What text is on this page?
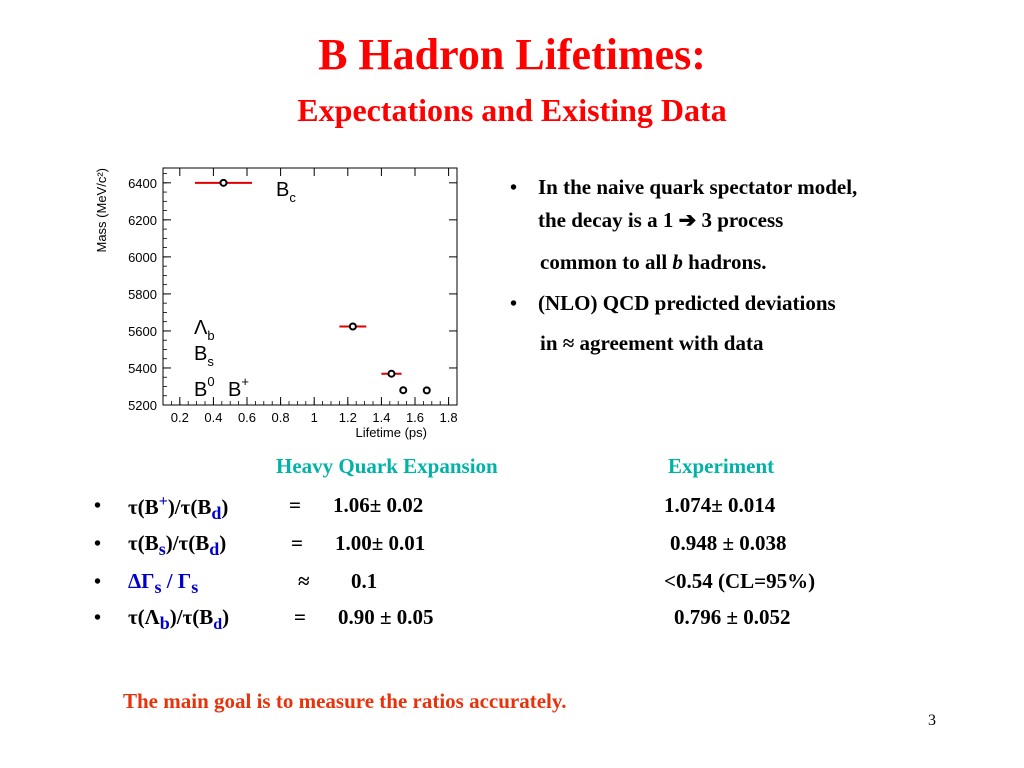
B Hadron Lifetimes:
Expectations and Existing Data
5200
5400
5600
5800
6000
6200
6400
0.2 0.4 0.6 0.8 1 1.2 1.4 1.6 1.8
Lifetime (ps)
Mass (MeV/c²)	$B_c$
$\Lambda_b$
$B_s$
$B^0$ B+
• In the naive quark spectator model,
the decay is a 1 ➔ 3 process
common to all b hadrons.
• (NLO) QCD predicted deviations
in ≈ agreement with data
Heavy Quark Expansion	Experiment
• $\tau(B^+)/\tau(B_d)$	= 1.06± 0.02	1.074± 0.014
• $\tau(B_s)/\tau(B_d)$	= 1.00± 0.01	0.948 ± 0.038
• $\Delta\Gamma_s / \Gamma_s$	≈ 0.1	<0.54 (CL=95%)
• $\tau(\Lambda_b)/\tau(B_d)$	= 0.90 ± 0.05	0.796 ± 0.052
The main goal is to measure the ratios accurately.
3
